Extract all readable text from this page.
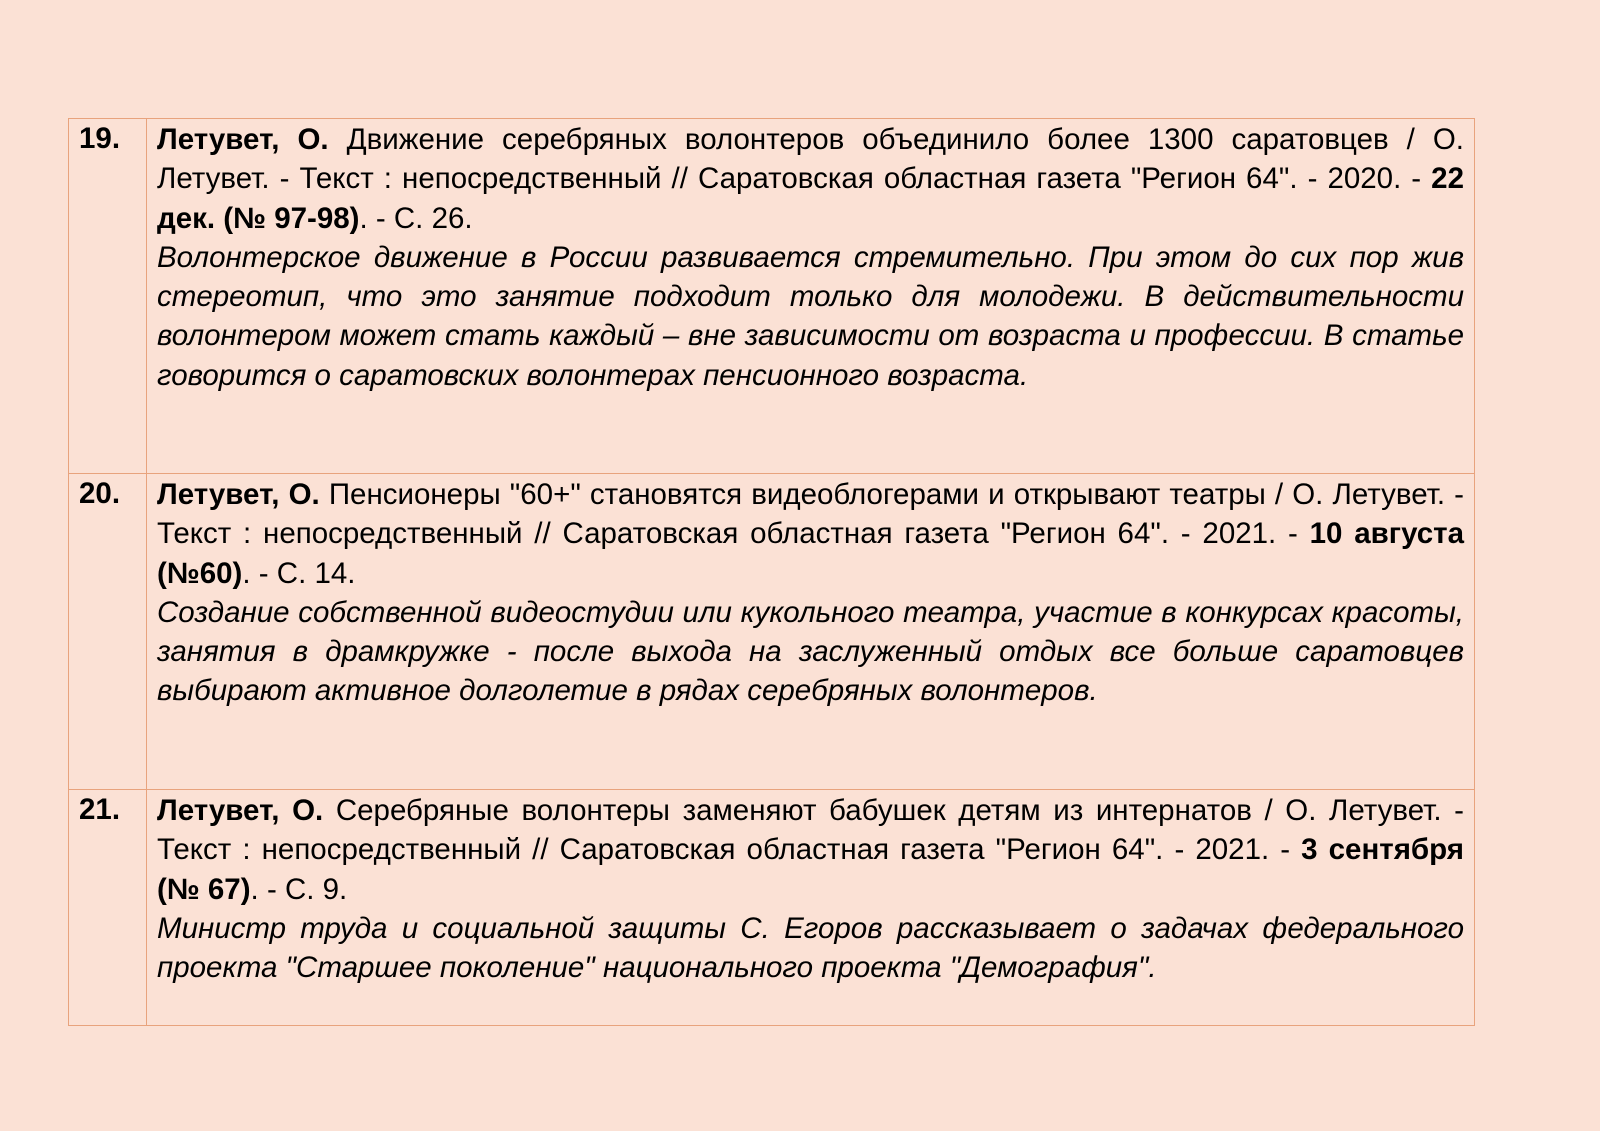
19.	Летувет, О. Движение серебряных волонтеров объединило более 1300 саратовцев / О. Летувет. - Текст : непосредственный // Саратовская областная газета "Регион 64". - 2020. - 22 дек. (№ 97-98). - С. 26.
Волонтерское движение в России развивается стремительно. При этом до сих пор жив стереотип, что это занятие подходит только для молодежи. В действительности волонтером может стать каждый – вне зависимости от возраста и профессии. В статье говорится о саратовских волонтерах пенсионного возраста.

20.	Летувет, О. Пенсионеры "60+" становятся видеоблогерами и открывают театры / О. Летувет. - Текст : непосредственный // Саратовская областная газета "Регион 64". - 2021. - 10 августа (№60). - С. 14.
Создание собственной видеостудии или кукольного театра, участие в конкурсах красоты, занятия в драмкружке - после выхода на заслуженный отдых все больше саратовцев выбирают активное долголетие в рядах серебряных волонтеров.

21.	Летувет, О. Серебряные волонтеры заменяют бабушек детям из интернатов / О. Летувет. - Текст : непосредственный // Саратовская областная газета "Регион 64". - 2021. - 3 сентября (№ 67). - С. 9.
Министр труда и социальной защиты С. Егоров рассказывает о задачах федерального проекта "Старшее поколение" национального проекта "Демография".
